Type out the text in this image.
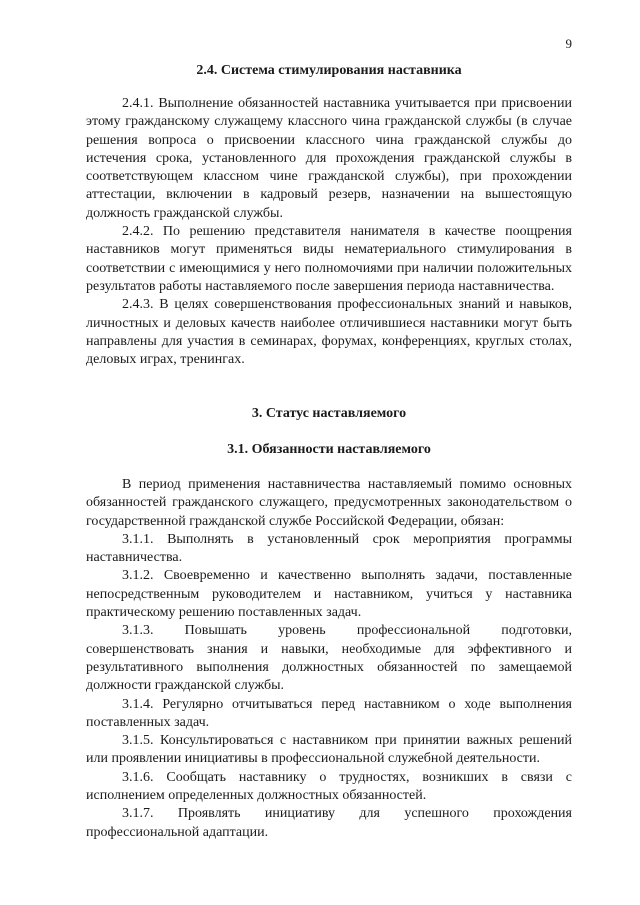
9
2.4. Система стимулирования наставника

2.4.1. Выполнение обязанностей наставника учитывается при присвоении этому гражданскому служащему классного чина гражданской службы (в случае решения вопроса о присвоении классного чина гражданской службы до истечения срока, установленного для прохождения гражданской службы в соответствующем классном чине гражданской службы), при прохождении аттестации, включении в кадровый резерв, назначении на вышестоящую должность гражданской службы.

2.4.2. По решению представителя нанимателя в качестве поощрения наставников могут применяться виды нематериального стимулирования в соответствии с имеющимися у него полномочиями при наличии положительных результатов работы наставляемого после завершения периода наставничества.

2.4.3. В целях совершенствования профессиональных знаний и навыков, личностных и деловых качеств наиболее отличившиеся наставники могут быть направлены для участия в семинарах, форумах, конференциях, круглых столах, деловых играх, тренингах.

3. Статус наставляемого
3.1. Обязанности наставляемого

В период применения наставничества наставляемый помимо основных обязанностей гражданского служащего, предусмотренных законодательством о государственной гражданской службе Российской Федерации, обязан:

3.1.1. Выполнять в установленный срок мероприятия программы наставничества.

3.1.2. Своевременно и качественно выполнять задачи, поставленные непосредственным руководителем и наставником, учиться у наставника практическому решению поставленных задач.

3.1.3. Повышать уровень профессиональной подготовки, совершенствовать знания и навыки, необходимые для эффективного и результативного выполнения должностных обязанностей по замещаемой должности гражданской службы.

3.1.4. Регулярно отчитываться перед наставником о ходе выполнения поставленных задач.

3.1.5. Консультироваться с наставником при принятии важных решений или проявлении инициативы в профессиональной служебной деятельности.

3.1.6. Сообщать наставнику о трудностях, возникших в связи с исполнением определенных должностных обязанностей.

3.1.7. Проявлять инициативу для успешного прохождения профессиональной адаптации.
